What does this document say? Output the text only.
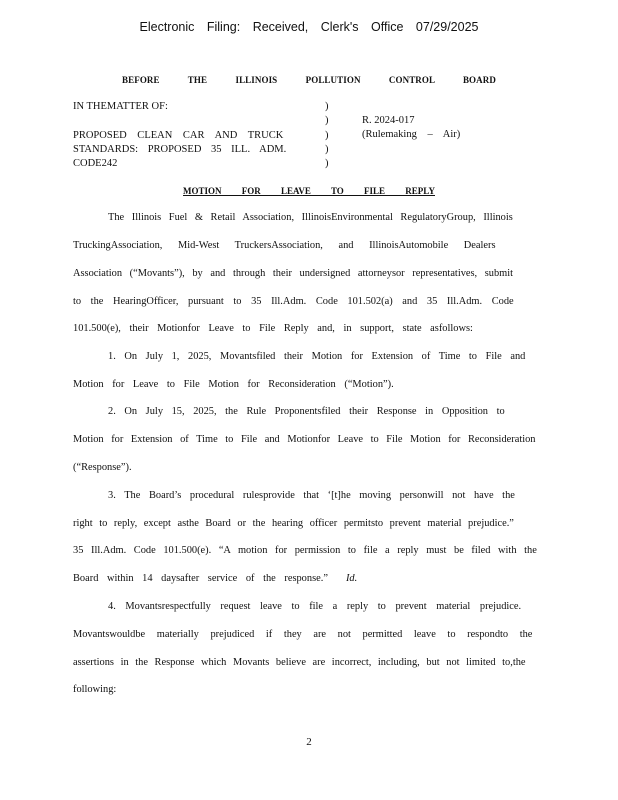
Electronic Filing: Received, Clerk's Office 07/29/2025
BEFORE THE ILLINOIS POLLUTION CONTROL BOARD
IN THEMATTER OF:

PROPOSED CLEAN CAR AND TRUCK
STANDARDS: PROPOSED 35 ILL. ADM.
CODE242
)
)
)
)
)
R. 2024-017
(Rulemaking – Air)
MOTION FOR LEAVE TO FILE REPLY
The Illinois Fuel & Retail Association, IllinoisEnvironmental RegulatoryGroup, Illinois
TruckingAssociation, Mid-West TruckersAssociation, and IllinoisAutomobile Dealers
Association (“Movants”), by and through their undersigned attorneysor representatives, submit
to the HearingOfficer, pursuant to 35 Ill.Adm. Code 101.502(a) and 35 Ill.Adm. Code
101.500(e), their Motionfor Leave to File Reply and, in support, state asfollows:
1. On July 1, 2025, Movantsfiled their Motion for Extension of Time to File and
Motion for Leave to File Motion for Reconsideration (“Motion”).
2. On July 15, 2025, the Rule Proponentsfiled their Response in Opposition to
Motion for Extension of Time to File and Motionfor Leave to File Motion for Reconsideration
(“Response”).
3. The Board’s procedural rulesprovide that ‘[t]he moving personwill not have the
right to reply, except asthe Board or the hearing officer permitsto prevent material prejudice.”
35 Ill.Adm. Code 101.500(e). “A motion for permission to file a reply must be filed with the
Board within 14 daysafter service of the response.” Id.
4. Movantsrespectfully request leave to file a reply to prevent material prejudice.
Movantswouldbe materially prejudiced if they are not permitted leave to respondto the
assertions in the Response which Movants believe are incorrect, including, but not limited to,the
following:
2
